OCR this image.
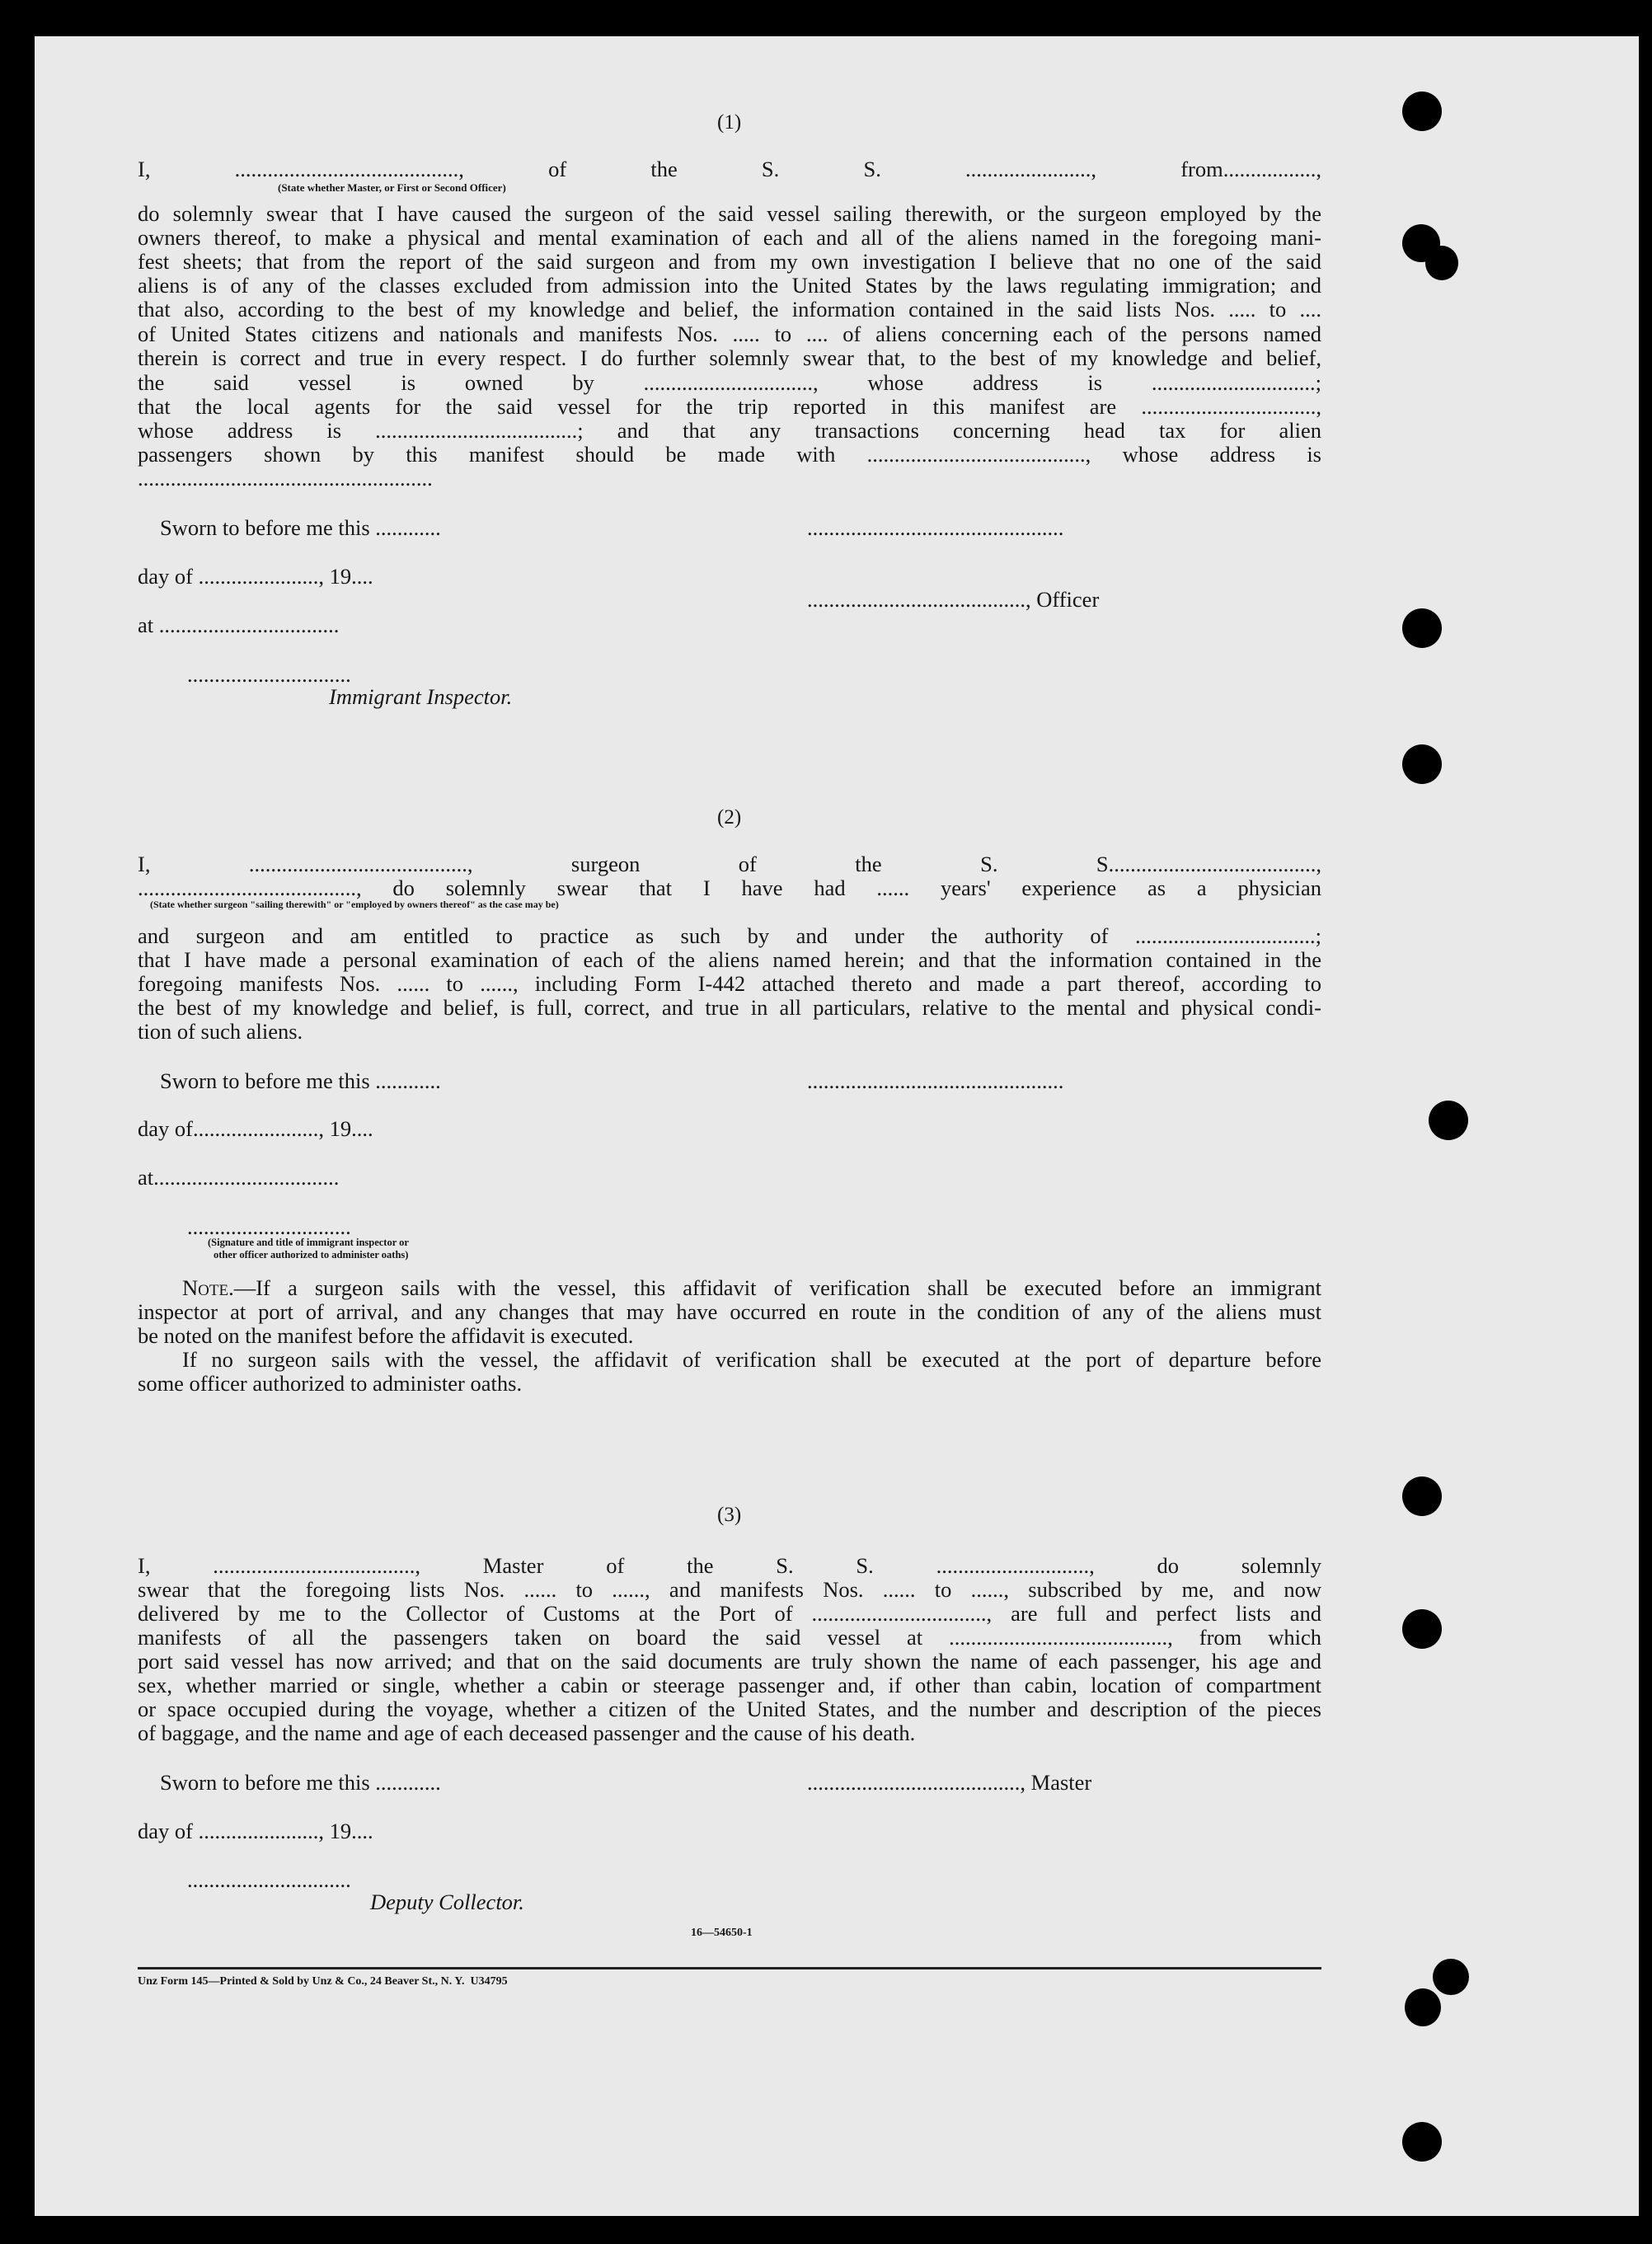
(1)
I, ........................................., of the S. S. ......................., from.................,
(State whether Master, or First or Second Officer)
do solemnly swear that I have caused the surgeon of the said vessel sailing therewith, or the surgeon employed by the
owners thereof, to make a physical and mental examination of each and all of the aliens named in the foregoing mani-
fest sheets; that from the report of the said surgeon and from my own investigation I believe that no one of the said
aliens is of any of the classes excluded from admission into the United States by the laws regulating immigration; and
that also, according to the best of my knowledge and belief, the information contained in the said lists Nos. ..... to ....
of United States citizens and nationals and manifests Nos. ..... to .... of aliens concerning each of the persons named
therein is correct and true in every respect. I do further solemnly swear that, to the best of my knowledge and belief,
the said vessel is owned by ..............................., whose address is ..............................;
that the local agents for the said vessel for the trip reported in this manifest are ................................,
whose address is .....................................; and that any transactions concerning head tax for alien
passengers shown by this manifest should be made with ........................................, whose address is
......................................................
Sworn to before me this ............	...............................................
day of ......................, 19....
........................................, Officer
at .................................
..............................
Immigrant Inspector.
(2)
I, ........................................, surgeon of the S. S......................................,
........................................, do solemnly swear that I have had ...... years' experience as a physician
(State whether surgeon "sailing therewith" or "employed by owners thereof" as the case may be)
and surgeon and am entitled to practice as such by and under the authority of .................................;
that I have made a personal examination of each of the aliens named herein; and that the information contained in the
foregoing manifests Nos. ...... to ......, including Form I-442 attached thereto and made a part thereof, according to
the best of my knowledge and belief, is full, correct, and true in all particulars, relative to the mental and physical condi-
tion of such aliens.
Sworn to before me this ............	...............................................
day of......................., 19....
at..................................
..............................
(Signature and title of immigrant inspector or
other officer authorized to administer oaths)
Note.—If a surgeon sails with the vessel, this affidavit of verification shall be executed before an immigrant
inspector at port of arrival, and any changes that may have occurred en route in the condition of any of the aliens must
be noted on the manifest before the affidavit is executed.
If no surgeon sails with the vessel, the affidavit of verification shall be executed at the port of departure before
some officer authorized to administer oaths.
(3)
I, ....................................., Master of the S. S. ............................, do solemnly
swear that the foregoing lists Nos. ...... to ......, and manifests Nos. ...... to ......, subscribed by me, and now
delivered by me to the Collector of Customs at the Port of ................................, are full and perfect lists and
manifests of all the passengers taken on board the said vessel at ........................................, from which
port said vessel has now arrived; and that on the said documents are truly shown the name of each passenger, his age and
sex, whether married or single, whether a cabin or steerage passenger and, if other than cabin, location of compartment
or space occupied during the voyage, whether a citizen of the United States, and the number and description of the pieces
of baggage, and the name and age of each deceased passenger and the cause of his death.
Sworn to before me this ............	......................................., Master
day of ......................, 19....
..............................
Deputy Collector.
16—54650-1
Unz Form 145—Printed & Sold by Unz & Co., 24 Beaver St., N. Y.  U34795
